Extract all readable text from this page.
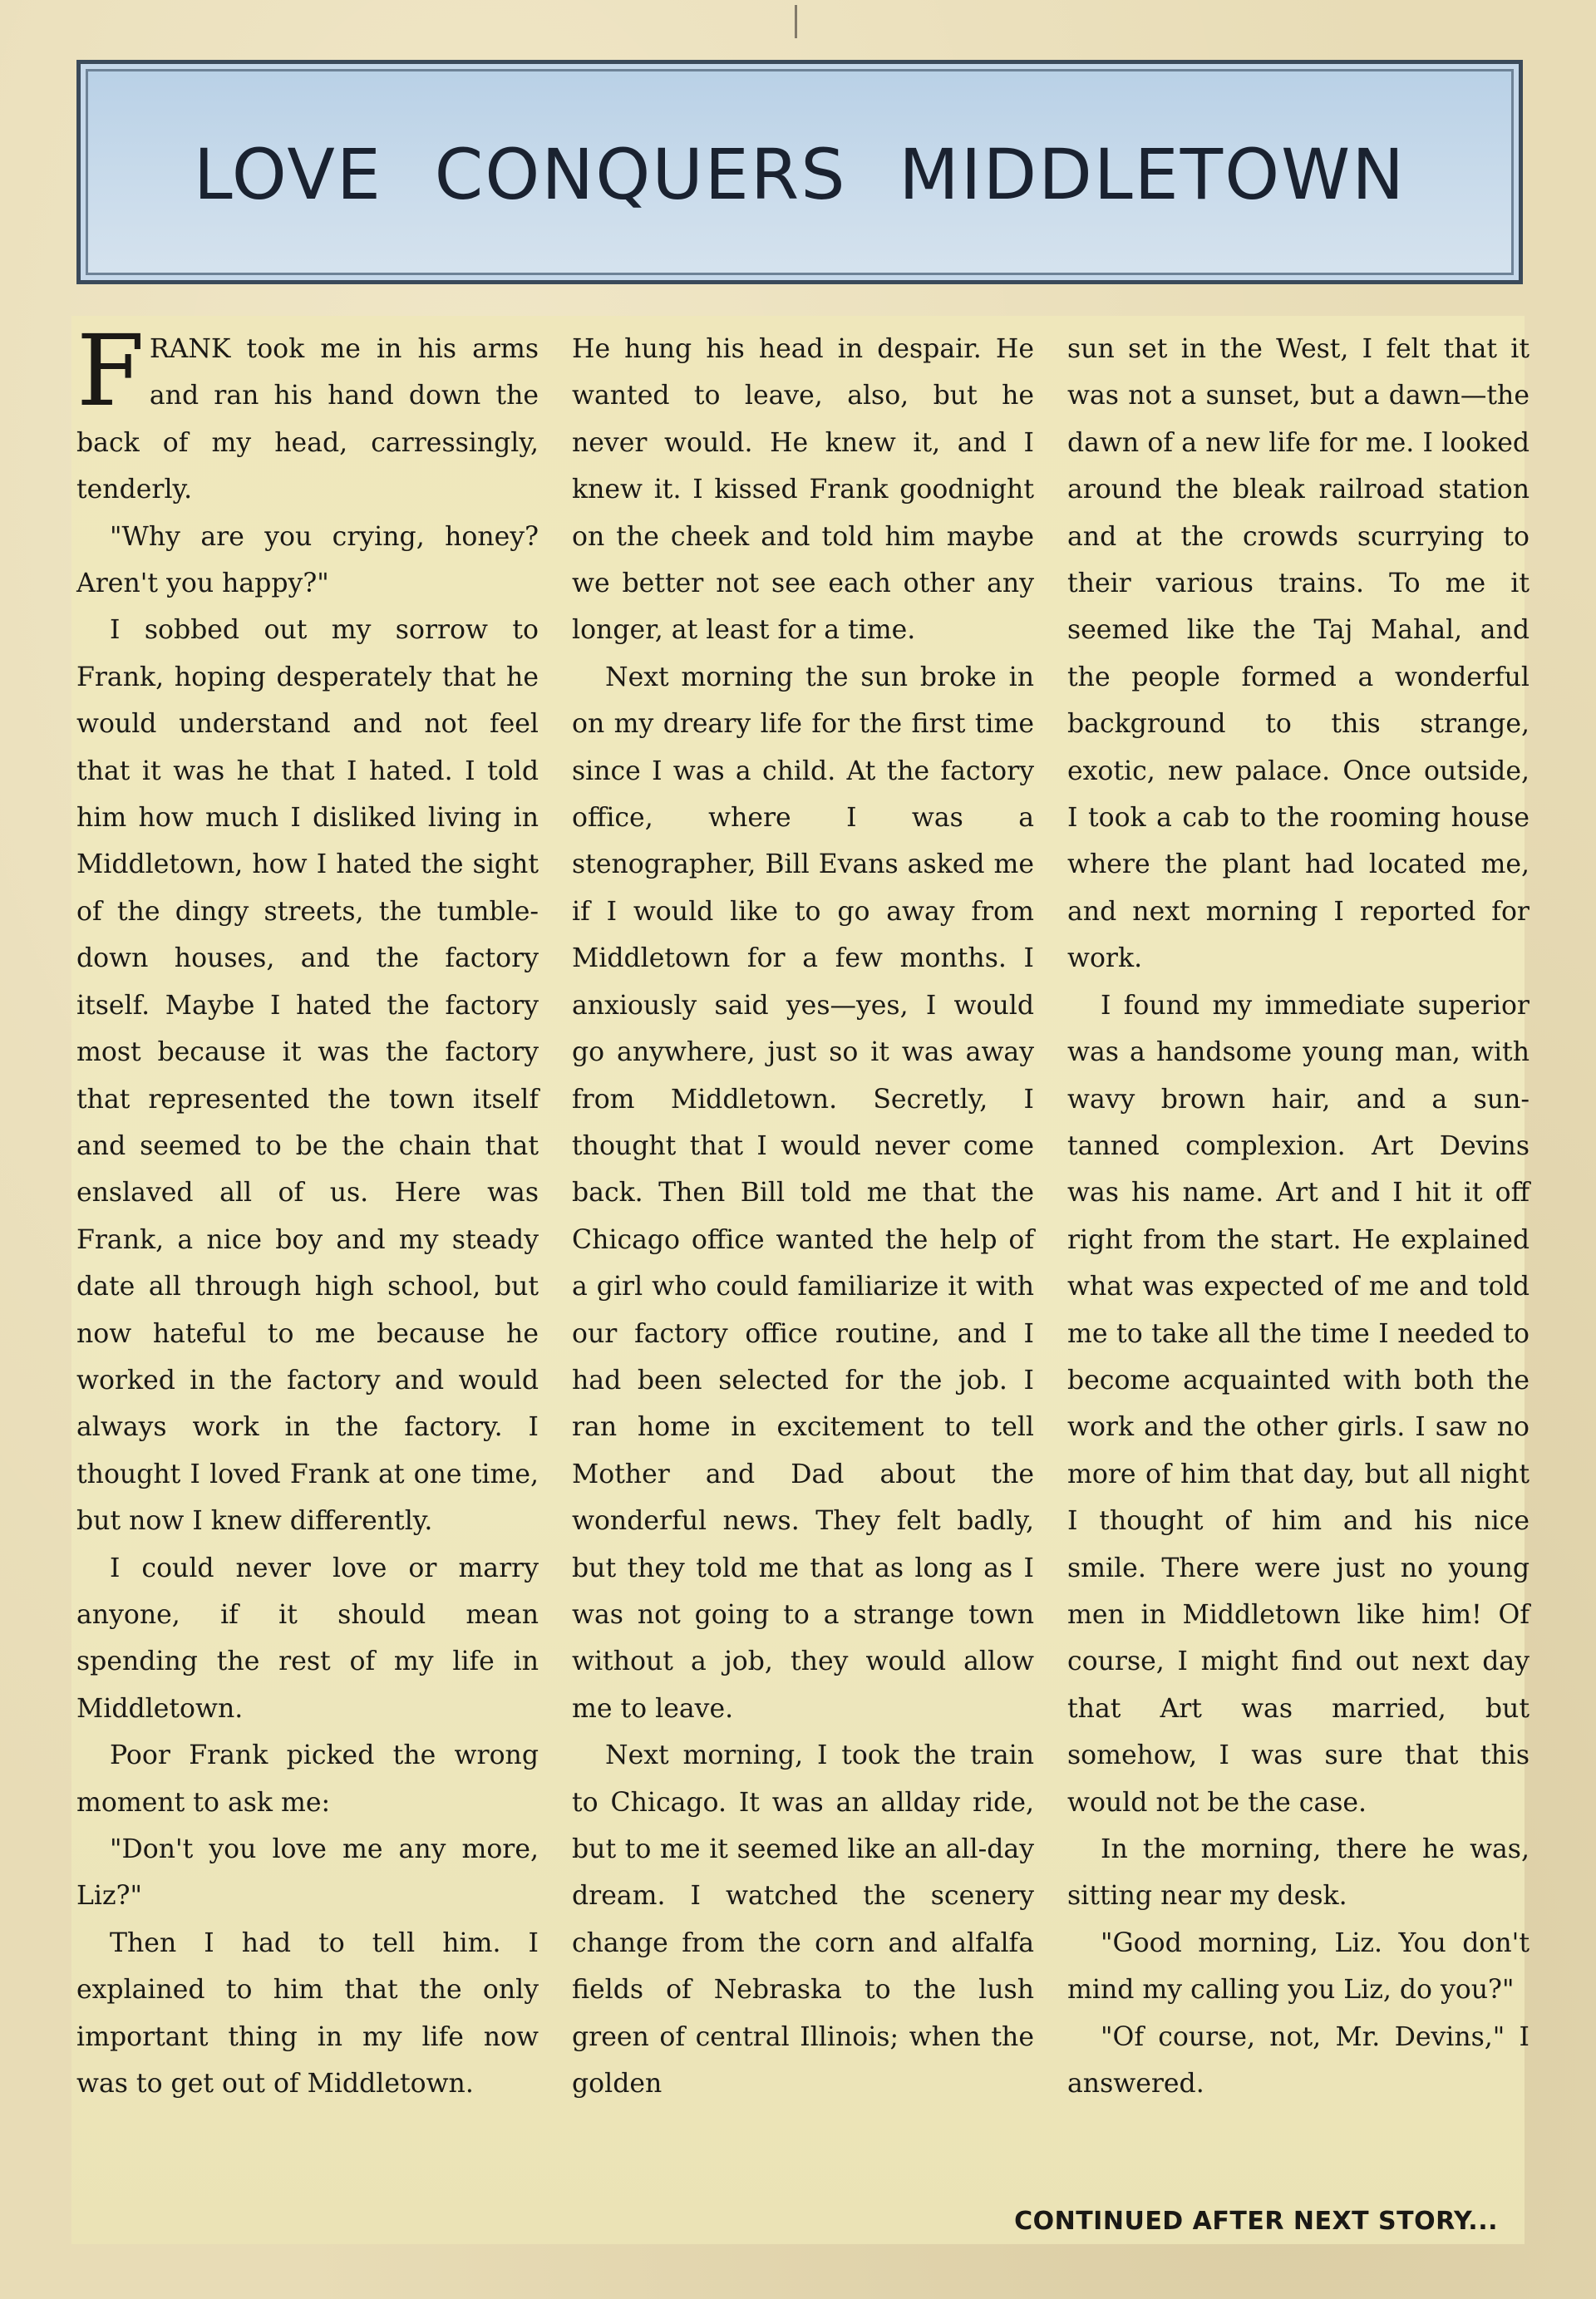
LOVE CONQUERS MIDDLETOWN

FRANK took me in his arms and ran his hand down the back of my head, carressingly, tenderly.

"Why are you crying, honey? Aren't you happy?"

I sobbed out my sorrow to Frank, hoping desperately that he would understand and not feel that it was he that I hated. I told him how much I disliked living in Middletown, how I hated the sight of the dingy streets, the tumble-down houses, and the factory itself. Maybe I hated the factory most because it was the factory that represented the town itself and seemed to be the chain that enslaved all of us. Here was Frank, a nice boy and my steady date all through high school, but now hateful to me because he worked in the factory and would always work in the factory. I thought I loved Frank at one time, but now I knew differently.

I could never love or marry anyone, if it should mean spending the rest of my life in Middletown.

Poor Frank picked the wrong moment to ask me:

"Don't you love me any more, Liz?"

Then I had to tell him. I explained to him that the only important thing in my life now was to get out of Middletown.

He hung his head in despair. He wanted to leave, also, but he never would. He knew it, and I knew it. I kissed Frank goodnight on the cheek and told him maybe we better not see each other any longer, at least for a time.

Next morning the sun broke in on my dreary life for the first time since I was a child. At the factory office, where I was a stenographer, Bill Evans asked me if I would like to go away from Middletown for a few months. I anxiously said yes—yes, I would go anywhere, just so it was away from Middletown. Secretly, I thought that I would never come back. Then Bill told me that the Chicago office wanted the help of a girl who could familiarize it with our factory office routine, and I had been selected for the job. I ran home in excitement to tell Mother and Dad about the wonderful news. They felt badly, but they told me that as long as I was not going to a strange town without a job, they would allow me to leave.

Next morning, I took the train to Chicago. It was an allday ride, but to me it seemed like an all-day dream. I watched the scenery change from the corn and alfalfa fields of Nebraska to the lush green of central Illinois; when the golden

sun set in the West, I felt that it was not a sunset, but a dawn—the dawn of a new life for me. I looked around the bleak railroad station and at the crowds scurrying to their various trains. To me it seemed like the Taj Mahal, and the people formed a wonderful background to this strange, exotic, new palace. Once outside, I took a cab to the rooming house where the plant had located me, and next morning I reported for work.

I found my immediate superior was a handsome young man, with wavy brown hair, and a sun-tanned complexion. Art Devins was his name. Art and I hit it off right from the start. He explained what was expected of me and told me to take all the time I needed to become acquainted with both the work and the other girls. I saw no more of him that day, but all night I thought of him and his nice smile. There were just no young men in Middletown like him! Of course, I might find out next day that Art was married, but somehow, I was sure that this would not be the case.

In the morning, there he was, sitting near my desk.

"Good morning, Liz. You don't mind my calling you Liz, do you?"

"Of course, not, Mr. Devins," I answered.

CONTINUED AFTER NEXT STORY...
